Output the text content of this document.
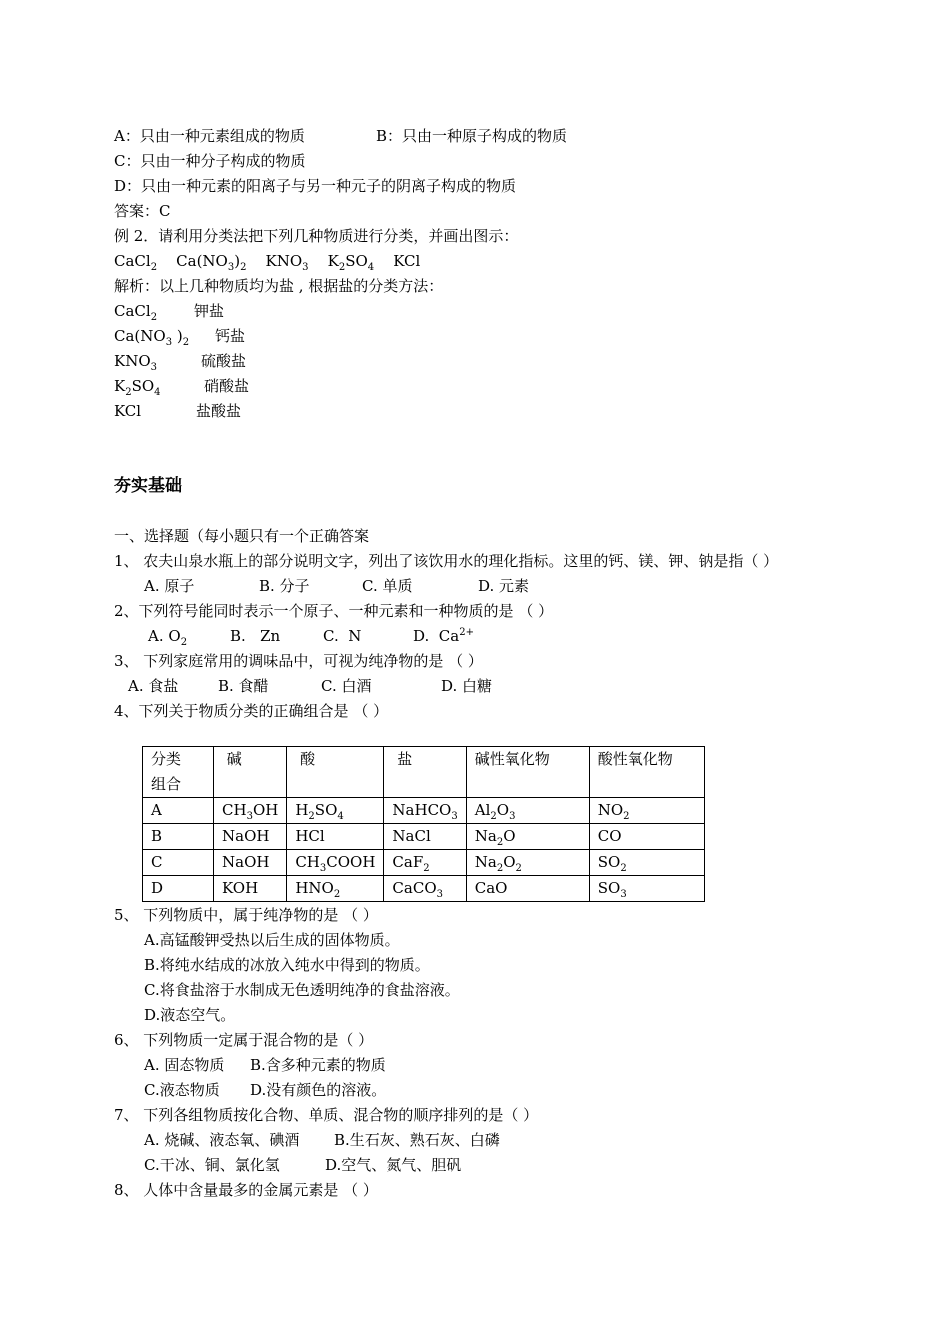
A：只由一种元素组成的物质	B：只由一种原子构成的物质
C：只由一种分子构成的物质
D：只由一种元素的阳离子与另一种元子的阴离子构成的物质
答案：C
例 2．请利用分类法把下列几种物质进行分类，并画出图示：
CaCl$_2$    $Ca(NO_3)_2$    $KNO_3$    $K_2SO_4$    KCl
解析：以上几种物质均为盐 , 根据盐的分类方法：
CaCl$_2$ 钾盐
$Ca(NO_3$ )$_2$ 钙盐
$KNO_3$	硫酸盐
$K_2SO_4$	硝酸盐
KCl	盐酸盐
夯实基础
一、选择题（每小题只有一个正确答案
1、 农夫山泉水瓶上的部分说明文字，列出了该饮用水的理化指标。这里的钙、镁、钾、钠是指（ ）
A. 原子	B. 分子	C. 单质	D. 元素
2、下列符号能同时表示一个原子、一种元素和一种物质的是 （ ）
A. $O_2$	B. Zn	C. N	D.  $Ca^{2+}$
3、 下列家庭常用的调味品中，可视为纯净物的是 （ ）
A. 食盐	B. 食醋	C. 白酒	D. 白糖
4、下列关于物质分类的正确组合是 （ ）
分类
组合	碱	酸	盐	碱性氧化物	酸性氧化物
A	$CH_3OH$	$H_2SO_4$	NaHCO$_3$	$Al_2O_3$	$NO_2$
B	NaOH	HCl	NaCl	$Na_2O$	CO
C	NaOH	$CH_3COOH$	CaF$_2$	$Na_2O_2$	$SO_2$
D	KOH	$HNO_2$	CaCO$_3$	CaO	$SO_3$
5、 下列物质中，属于纯净物的是 （ ）
A.高锰酸钾受热以后生成的固体物质。
B.将纯水结成的冰放入纯水中得到的物质。
C.将食盐溶于水制成无色透明纯净的食盐溶液。
D.液态空气。
6、 下列物质一定属于混合物的是（ ）
A. 固态物质 B.含多种元素的物质
C.液态物质 D.没有颜色的溶液。
7、 下列各组物质按化合物、单质、混合物的顺序排列的是（ ）
A. 烧碱、液态氧、碘酒 B.生石灰、熟石灰、白磷
C.干冰、铜、氯化氢	D.空气、氮气、胆矾
8、 人体中含量最多的金属元素是 （ ）
